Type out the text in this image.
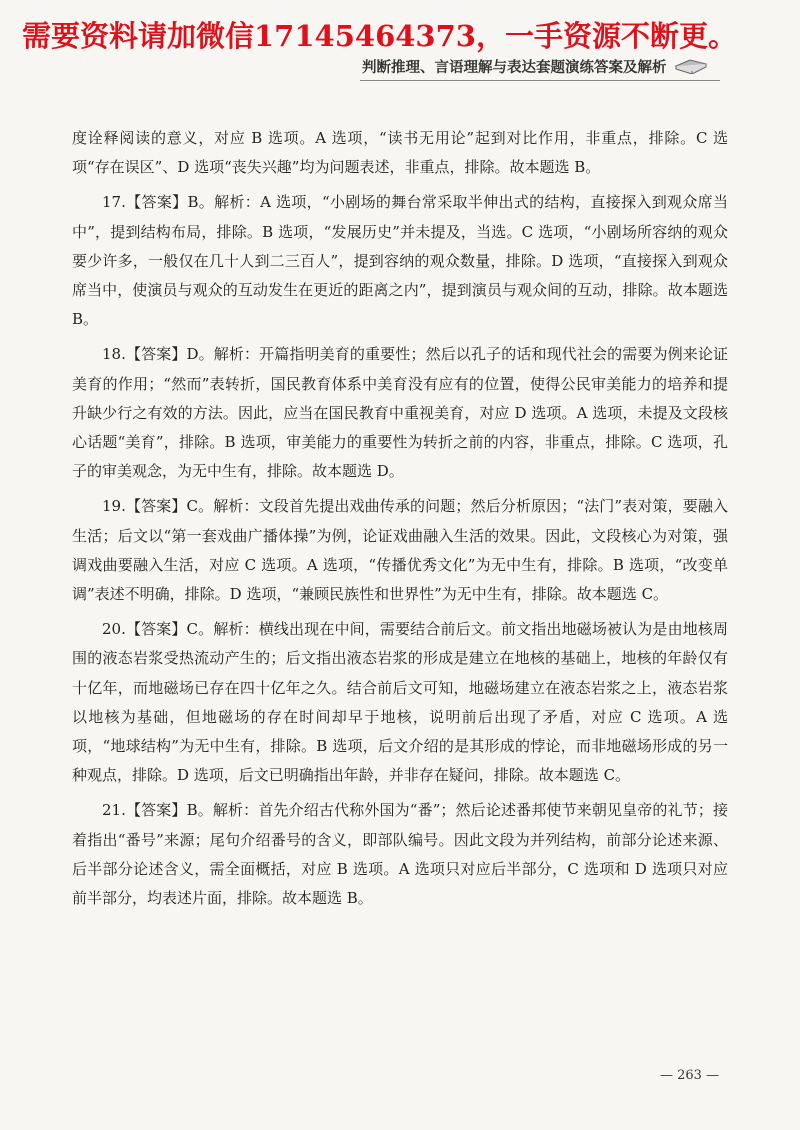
需要资料请加微信17145464373，一手资源不断更。
判断推理、言语理解与表达套题演练答案及解析

度诠释阅读的意义，对应 B 选项。A 选项，“读书无用论”起到对比作用，非重点，排除。C 选项“存在误区”、D 选项“丧失兴趣”均为问题表述，非重点，排除。故本题选 B。

17.【答案】B。解析：A 选项，“小剧场的舞台常采取半伸出式的结构，直接探入到观众席当中”，提到结构布局，排除。B 选项，“发展历史”并未提及，当选。C 选项，“小剧场所容纳的观众要少许多，一般仅在几十人到二三百人”，提到容纳的观众数量，排除。D 选项，“直接探入到观众席当中，使演员与观众的互动发生在更近的距离之内”，提到演员与观众间的互动，排除。故本题选 B。

18.【答案】D。解析：开篇指明美育的重要性；然后以孔子的话和现代社会的需要为例来论证美育的作用；“然而”表转折，国民教育体系中美育没有应有的位置，使得公民审美能力的培养和提升缺少行之有效的方法。因此，应当在国民教育中重视美育，对应 D 选项。A 选项，未提及文段核心话题“美育”，排除。B 选项，审美能力的重要性为转折之前的内容，非重点，排除。C 选项，孔子的审美观念，为无中生有，排除。故本题选 D。

19.【答案】C。解析：文段首先提出戏曲传承的问题；然后分析原因；“法门”表对策，要融入生活；后文以“第一套戏曲广播体操”为例，论证戏曲融入生活的效果。因此，文段核心为对策，强调戏曲要融入生活，对应 C 选项。A 选项，“传播优秀文化”为无中生有，排除。B 选项，“改变单调”表述不明确，排除。D 选项，“兼顾民族性和世界性”为无中生有，排除。故本题选 C。

20.【答案】C。解析：横线出现在中间，需要结合前后文。前文指出地磁场被认为是由地核周围的液态岩浆受热流动产生的；后文指出液态岩浆的形成是建立在地核的基础上，地核的年龄仅有十亿年，而地磁场已存在四十亿年之久。结合前后文可知，地磁场建立在液态岩浆之上，液态岩浆以地核为基础，但地磁场的存在时间却早于地核，说明前后出现了矛盾，对应 C 选项。A 选项，“地球结构”为无中生有，排除。B 选项，后文介绍的是其形成的悖论，而非地磁场形成的另一种观点，排除。D 选项，后文已明确指出年龄，并非存在疑问，排除。故本题选 C。

21.【答案】B。解析：首先介绍古代称外国为“番”；然后论述番邦使节来朝见皇帝的礼节；接着指出“番号”来源；尾句介绍番号的含义，即部队编号。因此文段为并列结构，前部分论述来源、后半部分论述含义，需全面概括，对应 B 选项。A 选项只对应后半部分，C 选项和 D 选项只对应前半部分，均表述片面，排除。故本题选 B。

— 263 —
